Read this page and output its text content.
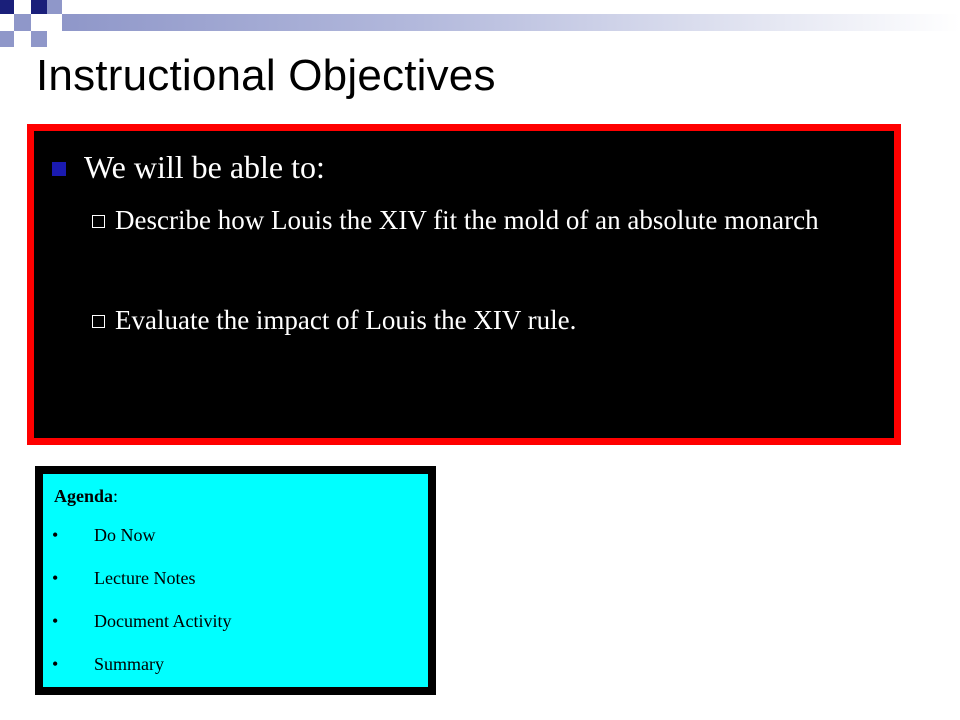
Instructional Objectives
We will be able to:
Describe how Louis the XIV fit the mold of an absolute monarch
Evaluate the impact of Louis the XIV rule.
Agenda:
•	Do Now
•	Lecture Notes
•	Document Activity
•	Summary
